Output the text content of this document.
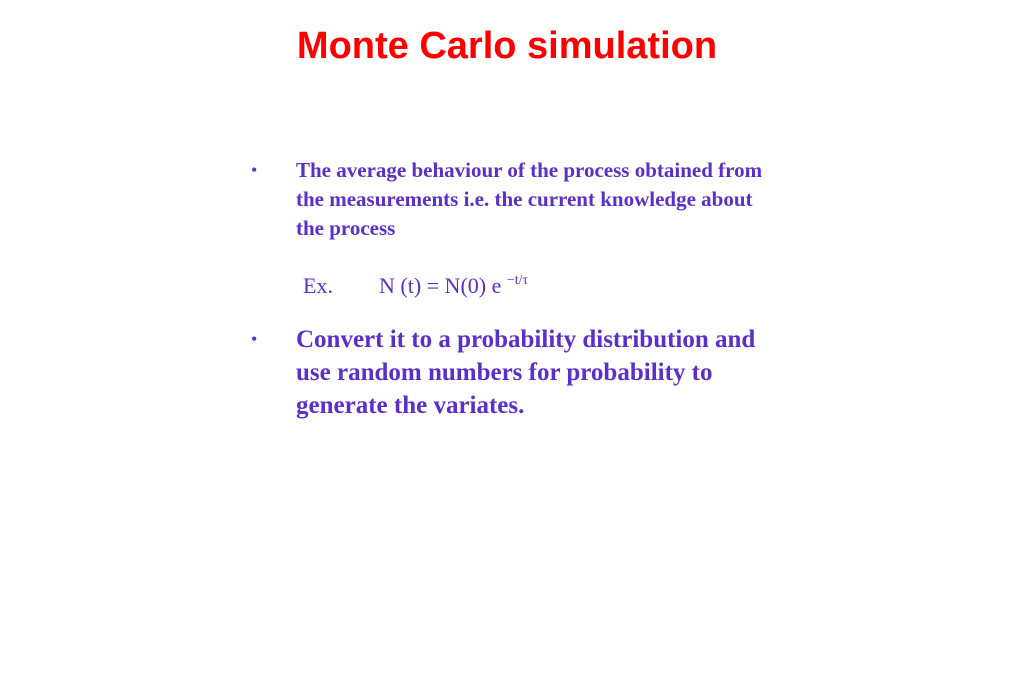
Monte Carlo simulation
•	The average behaviour of the process obtained from the measurements i.e. the current knowledge about the process
Ex. N (t) = N(0) e $^{-t/\tau}$
•	Convert it to a probability distribution and use random numbers for probability to generate the variates.
